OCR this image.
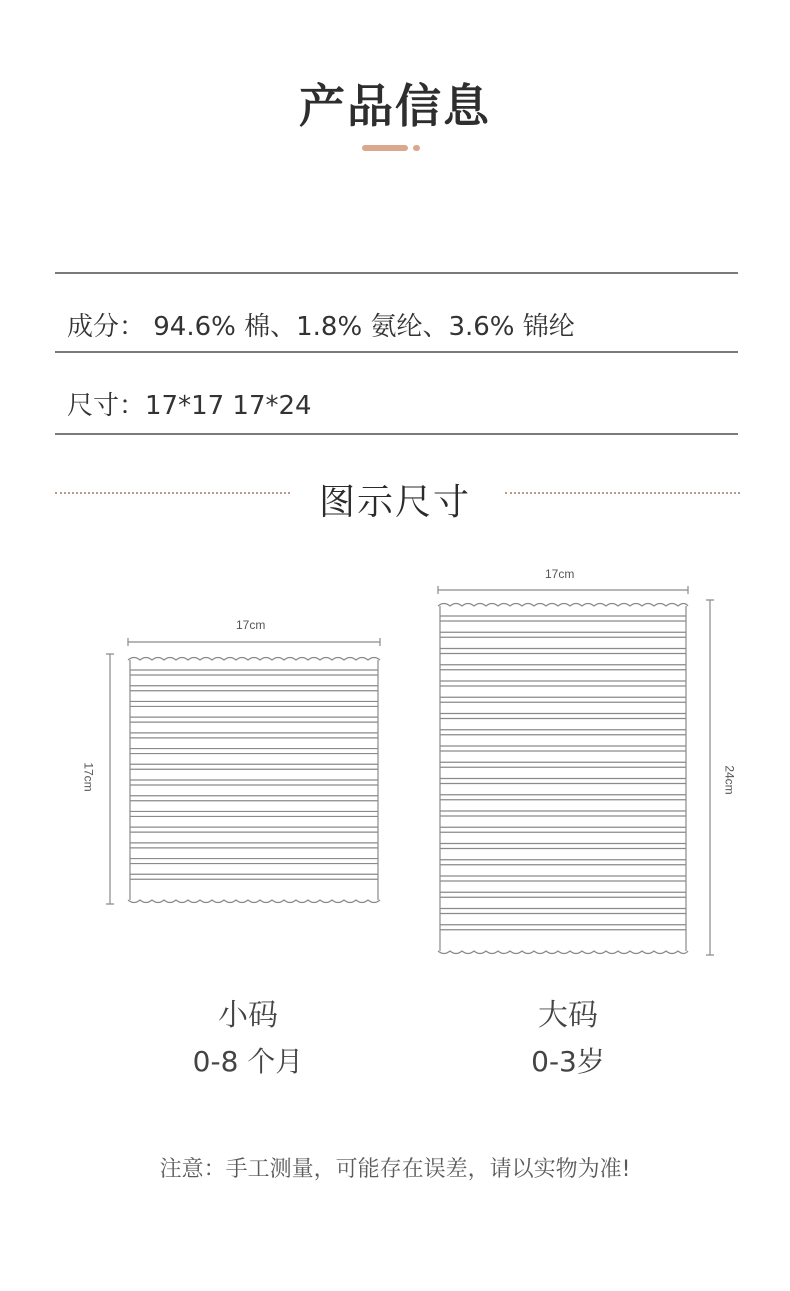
产品信息
成分： 94.6% 棉、1.8% 氨纶、3.6% 锦纶
尺寸：17*17 17*24
图示尺寸
17cm
17cm
17cm
24cm
小码
0-8 个月
大码
0-3岁
注意：手工测量，可能存在误差，请以实物为准!
